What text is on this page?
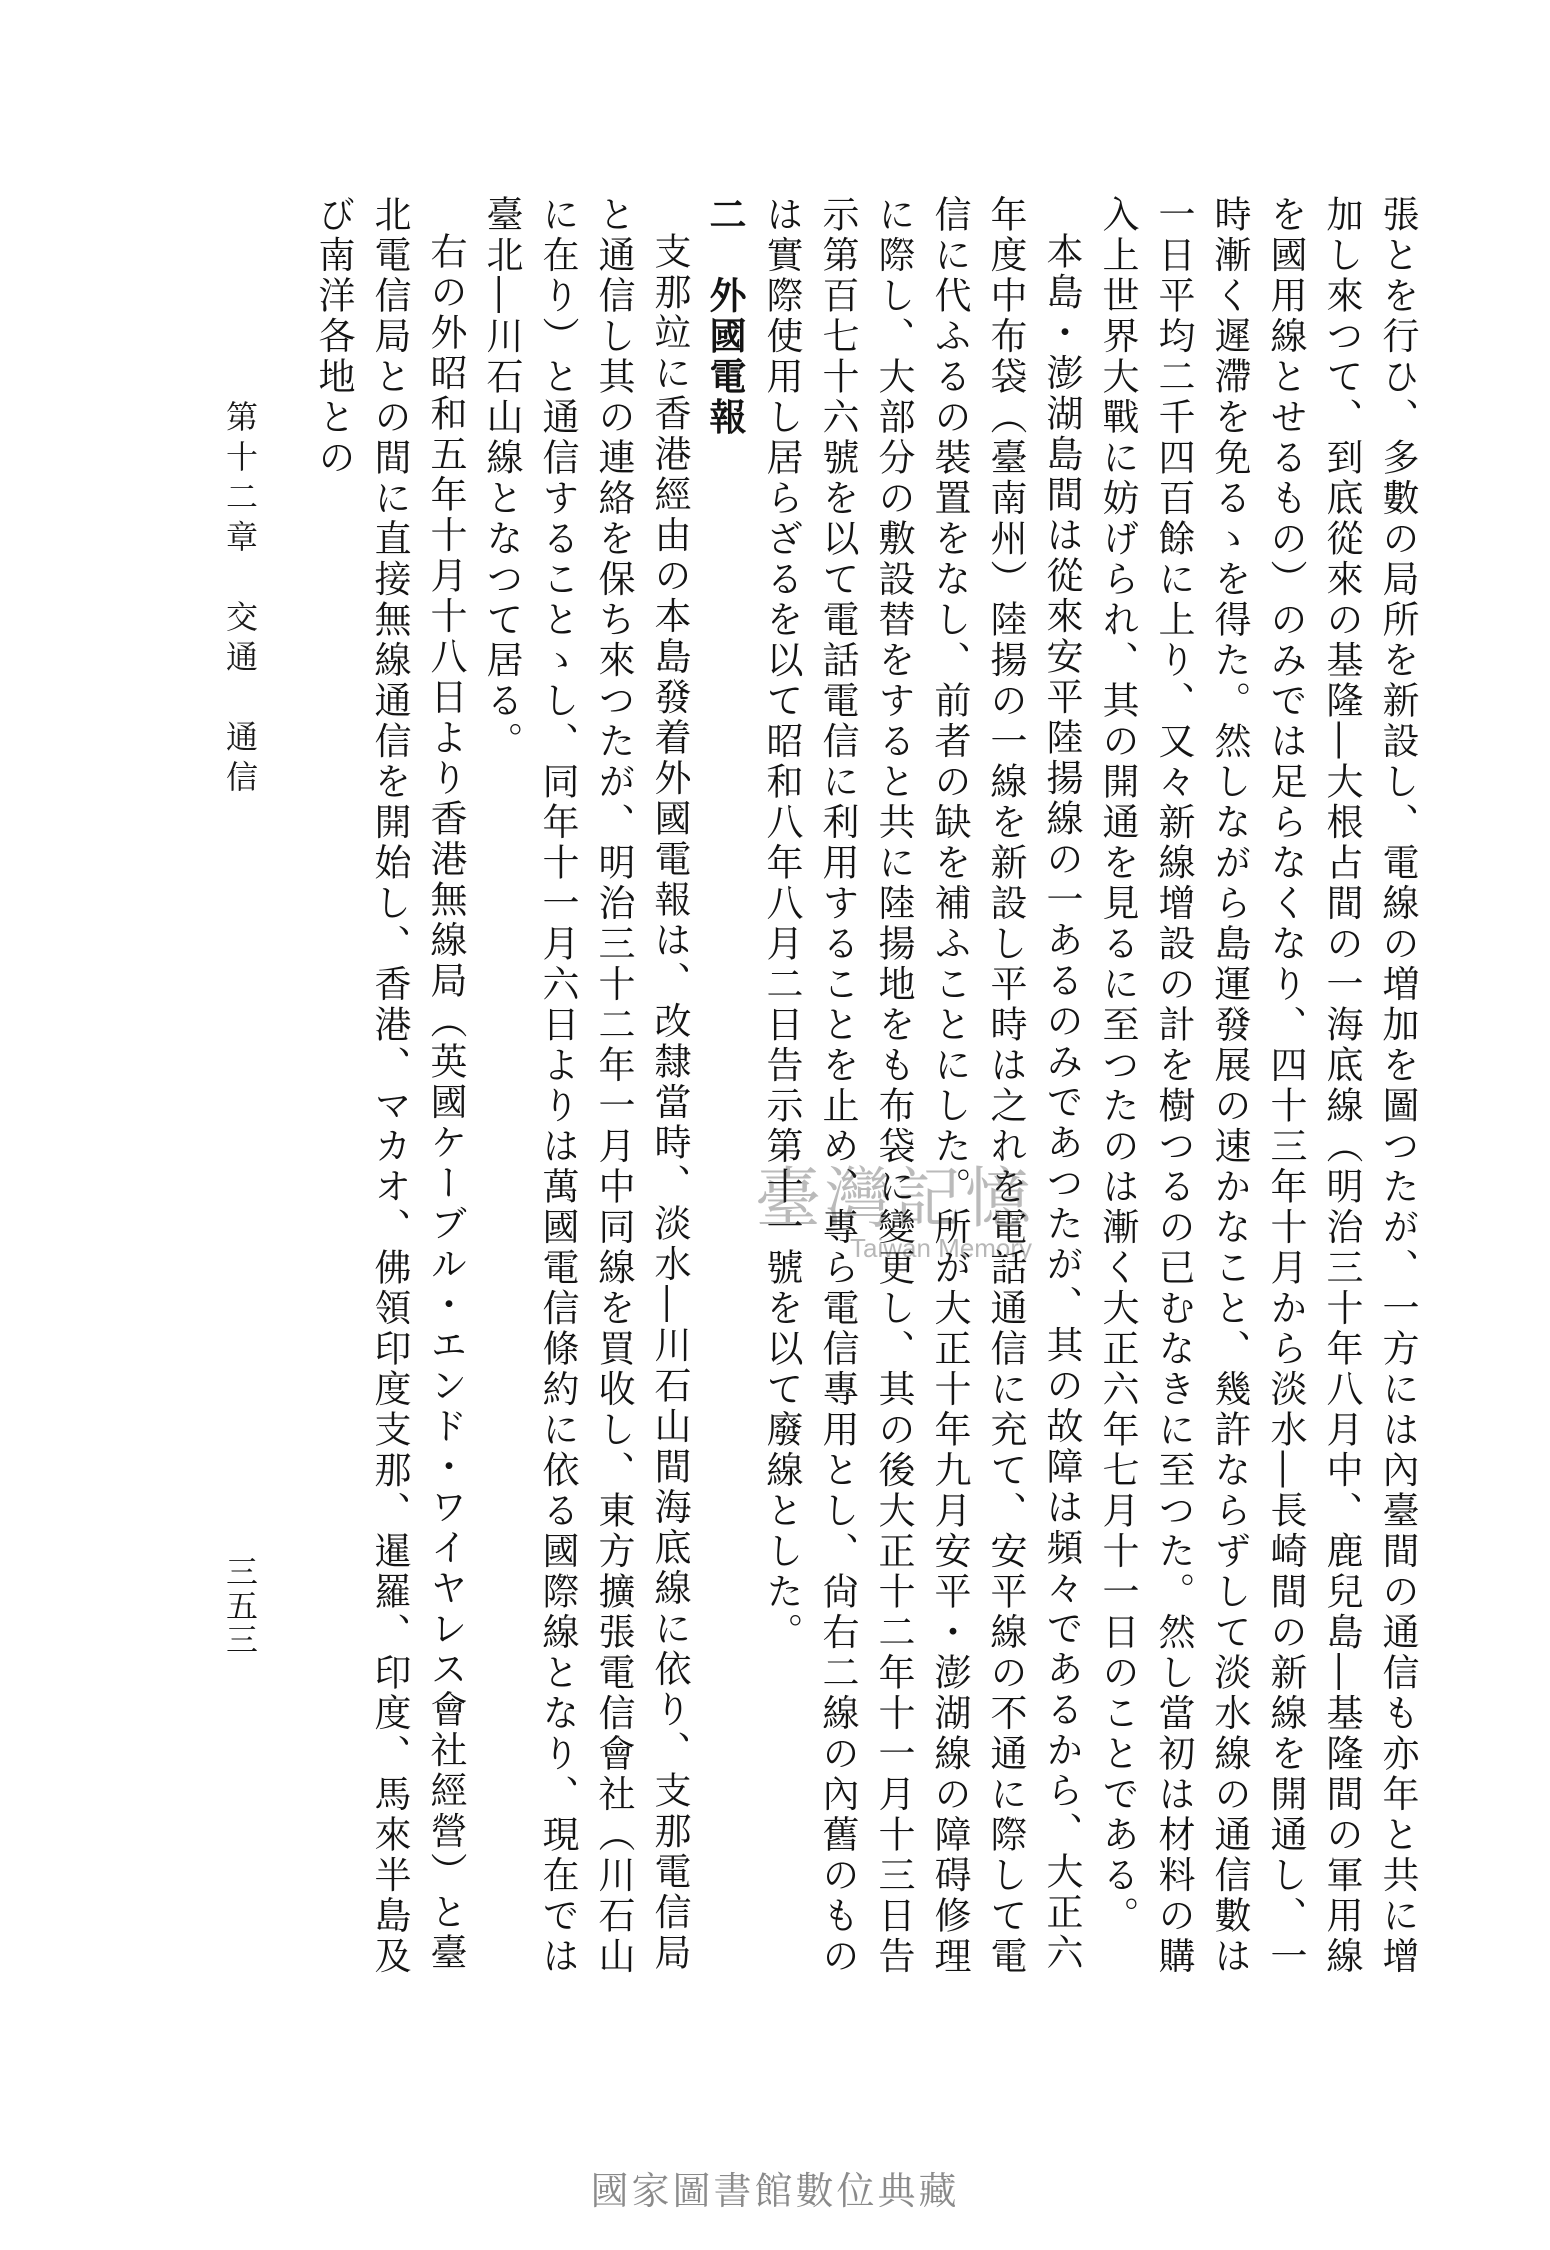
張とを行ひ、多數の局所を新設し、電線の増加を圖つたが、一方には內臺間の通信も亦年と共に增加し來つて、到底從來の基隆―大根占間の一海底線（明治三十年八月中、鹿兒島―基隆間の軍用線を國用線とせるもの）のみでは足らなくなり、四十三年十月から淡水―長崎間の新線を開通し、一時漸く遲滯を免るゝを得た。然しながら島運發展の速かなこと、幾許ならずして淡水線の通信數は一日平均二千四百餘に上り、又々新線增設の計を樹つるの已むなきに至つた。然し當初は材料の購入上世界大戰に妨げられ、其の開通を見るに至つたのは漸く大正六年七月十一日のことである。

本島・澎湖島間は從來安平陸揚線の一あるのみであつたが、其の故障は頻々であるから、大正六年度中布袋（臺南州）陸揚の一線を新設し平時は之れを電話通信に充て、安平線の不通に際して電信に代ふるの裝置をなし、前者の缺を補ふことにした。所が大正十年九月安平・澎湖線の障碍修理に際し、大部分の敷設替をすると共に陸揚地をも布袋に變更し、其の後大正十二年十一月十三日告示第百七十六號を以て電話電信に利用することを止め、專ら電信專用とし、尙右二線の內舊のものは實際使用し居らざるを以て昭和八年八月二日告示第十一號を以て廢線とした。

二　外國電報

支那竝に香港經由の本島發着外國電報は、改隸當時、淡水―川石山間海底線に依り、支那電信局と通信し其の連絡を保ち來つたが、明治三十二年一月中同線を買收し、東方擴張電信會社（川石山に在り）と通信することゝし、同年十一月六日よりは萬國電信條約に依る國際線となり、現在では臺北―川石山線となつて居る。

右の外昭和五年十月十八日より香港無線局（英國ケーブル・エンド・ワイヤレス會社經營）と臺北電信局との間に直接無線通信を開始し、香港、マカオ、佛領印度支那、暹羅、印度、馬來半島及び南洋各地との

第十二章　交通　通信
三五三
臺灣記憶
Taiwan Memory
國家圖書館數位典藏
